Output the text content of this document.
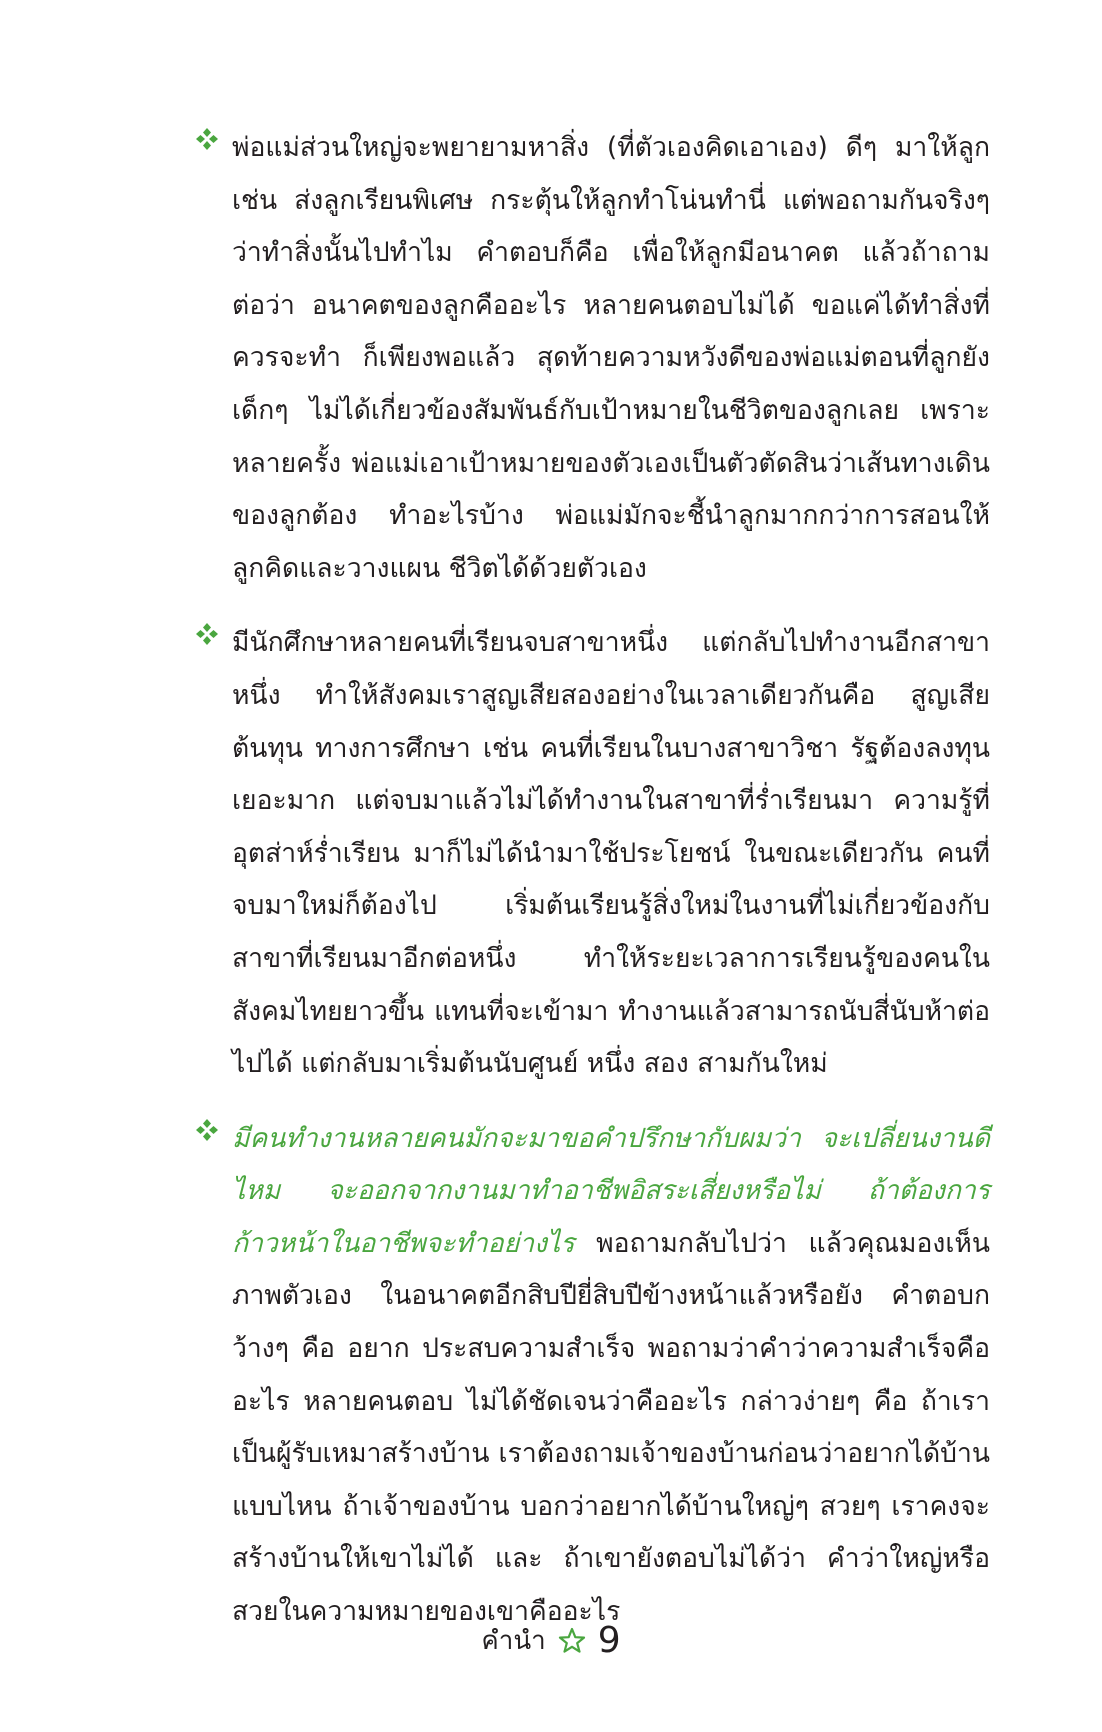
พ่อแม่ส่วนใหญ่จะพยายามหาสิ่ง (ที่ตัวเองคิดเอาเอง) ดีๆ มาให้ลูก เช่น ส่งลูกเรียนพิเศษ กระตุ้นให้ลูกทำโน่นทำนี่ แต่พอถามกันจริงๆ ว่าทำสิ่งนั้นไปทำไม คำตอบก็คือ เพื่อให้ลูกมีอนาคต แล้วถ้าถามต่อว่า อนาคตของลูกคืออะไร หลายคนตอบไม่ได้ ขอแค่ได้ทำสิ่งที่ควรจะทำ ก็เพียงพอแล้ว สุดท้ายความหวังดีของพ่อแม่ตอนที่ลูกยังเด็กๆ ไม่ได้เกี่ยวข้องสัมพันธ์กับเป้าหมายในชีวิตของลูกเลย เพราะหลายครั้ง พ่อแม่เอาเป้าหมายของตัวเองเป็นตัวตัดสินว่าเส้นทางเดินของลูกต้อง ทำอะไรบ้าง พ่อแม่มักจะชี้นำลูกมากกว่าการสอนให้ลูกคิดและวางแผน ชีวิตได้ด้วยตัวเอง

มีนักศึกษาหลายคนที่เรียนจบสาขาหนึ่ง แต่กลับไปทำงานอีกสาขาหนึ่ง ทำให้สังคมเราสูญเสียสองอย่างในเวลาเดียวกันคือ สูญเสียต้นทุน ทางการศึกษา เช่น คนที่เรียนในบางสาขาวิชา รัฐต้องลงทุนเยอะมาก แต่จบมาแล้วไม่ได้ทำงานในสาขาที่ร่ำเรียนมา ความรู้ที่อุตส่าห์ร่ำเรียน มาก็ไม่ได้นำมาใช้ประโยชน์ ในขณะเดียวกัน คนที่จบมาใหม่ก็ต้องไป เริ่มต้นเรียนรู้สิ่งใหม่ในงานที่ไม่เกี่ยวข้องกับสาขาที่เรียนมาอีกต่อหนึ่ง ทำให้ระยะเวลาการเรียนรู้ของคนในสังคมไทยยาวขึ้น แทนที่จะเข้ามา ทำงานแล้วสามารถนับสี่นับห้าต่อไปได้ แต่กลับมาเริ่มต้นนับศูนย์ หนึ่ง สอง สามกันใหม่

มีคนทำงานหลายคนมักจะมาขอคำปรึกษากับผมว่า จะเปลี่ยนงานดีไหม จะออกจากงานมาทำอาชีพอิสระเสี่ยงหรือไม่ ถ้าต้องการก้าวหน้าในอาชีพจะทำอย่างไร พอถามกลับไปว่า แล้วคุณมองเห็นภาพตัวเอง ในอนาคตอีกสิบปียี่สิบปีข้างหน้าแล้วหรือยัง คำตอบกว้างๆ คือ อยาก ประสบความสำเร็จ พอถามว่าคำว่าความสำเร็จคืออะไร หลายคนตอบ ไม่ได้ชัดเจนว่าคืออะไร กล่าวง่ายๆ คือ ถ้าเราเป็นผู้รับเหมาสร้างบ้าน เราต้องถามเจ้าของบ้านก่อนว่าอยากได้บ้านแบบไหน ถ้าเจ้าของบ้าน บอกว่าอยากได้บ้านใหญ่ๆ สวยๆ เราคงจะสร้างบ้านให้เขาไม่ได้ และ ถ้าเขายังตอบไม่ได้ว่า คำว่าใหญ่หรือสวยในความหมายของเขาคืออะไร

คำนำ 9
